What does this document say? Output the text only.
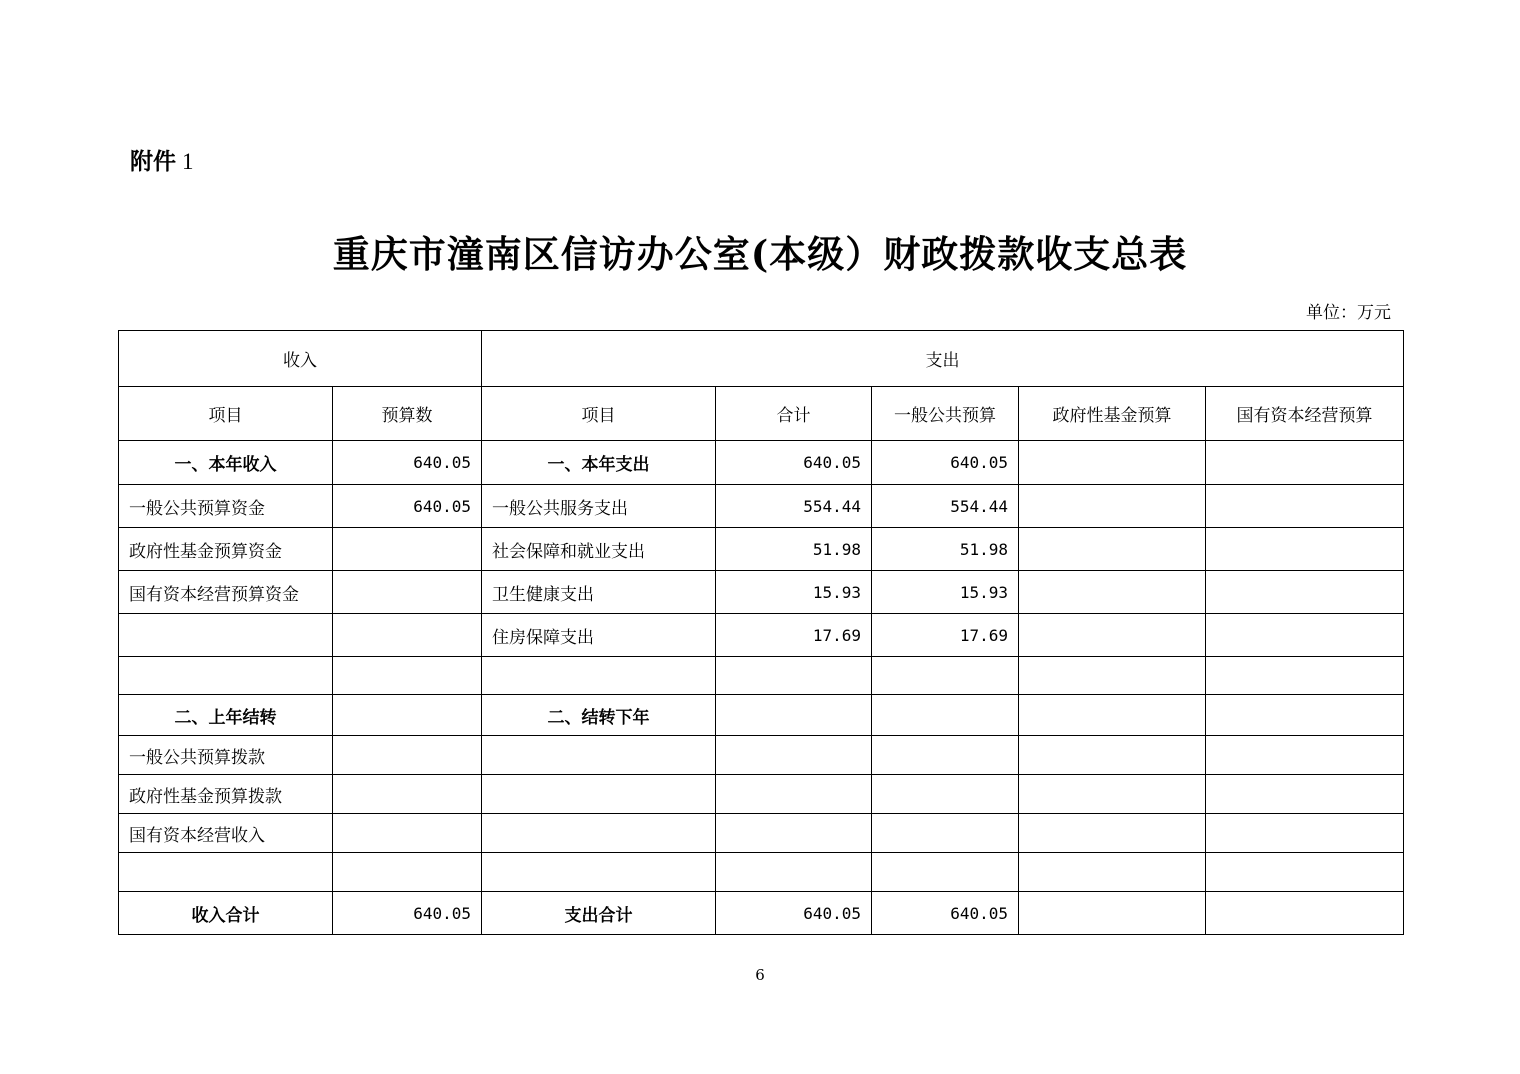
附件 1
重庆市潼南区信访办公室(本级）财政拨款收支总表
单位：万元
收入		支出				
项目	预算数	项目	合计	一般公共预算	政府性基金预算	国有资本经营预算
一、本年收入	640.05	一、本年支出	640.05	640.05		
一般公共预算资金	640.05	一般公共服务支出	554.44	554.44		
政府性基金预算资金		社会保障和就业支出	51.98	51.98		
国有资本经营预算资金		卫生健康支出	15.93	15.93		
		住房保障支出	17.69	17.69		

二、上年结转		二、结转下年				
一般公共预算拨款						
政府性基金预算拨款						
国有资本经营收入						

收入合计	640.05	支出合计	640.05	640.05		
6
